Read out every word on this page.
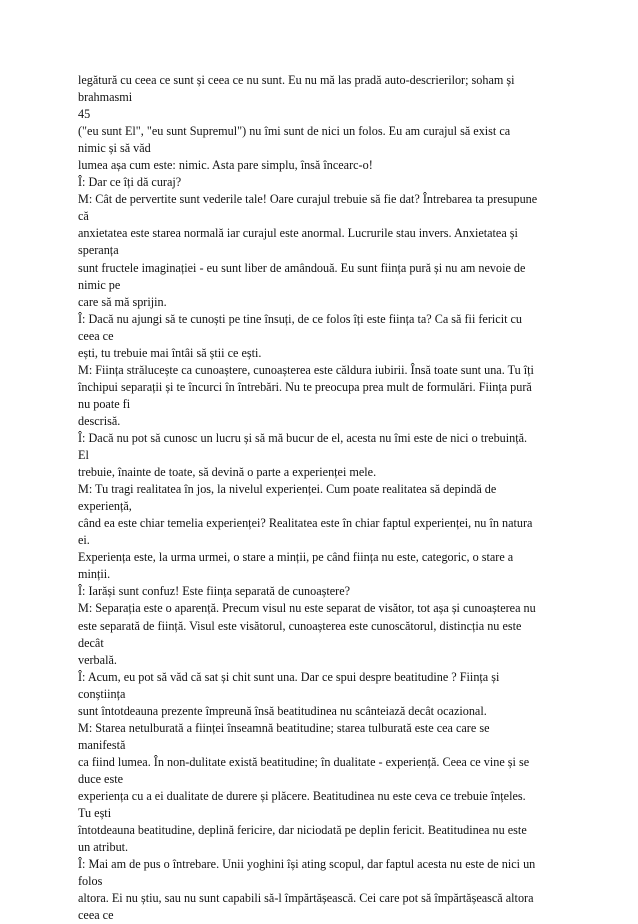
legătură cu ceea ce sunt și ceea ce nu sunt. Eu nu mă las pradă auto-descrierilor; soham și
brahmasmi
45
("eu sunt El", "eu sunt Supremul") nu îmi sunt de nici un folos. Eu am curajul să exist ca
nimic și să văd
lumea așa cum este: nimic. Asta pare simplu, însă încearc-o!
Î: Dar ce îți dă curaj?
M: Cât de pervertite sunt vederile tale! Oare curajul trebuie să fie dat? Întrebarea ta presupune
că
anxietatea este starea normală iar curajul este anormal. Lucrurile stau invers. Anxietatea și
speranța
sunt fructele imaginației - eu sunt liber de amândouă. Eu sunt ființa pură și nu am nevoie de
nimic pe
care să mă sprijin.
Î: Dacă nu ajungi să te cunoști pe tine însuți, de ce folos îți este ființa ta? Ca să fii fericit cu
ceea ce
ești, tu trebuie mai întâi să știi ce ești.
M: Ființa strălucește ca cunoaștere, cunoașterea este căldura iubirii. Însă toate sunt una. Tu îți
închipui separații și te încurci în întrebări. Nu te preocupa prea mult de formulări. Ființa pură
nu poate fi
descrisă.
Î: Dacă nu pot să cunosc un lucru și să mă bucur de el, acesta nu îmi este de nici o trebuință.
El
trebuie, înainte de toate, să devină o parte a experienței mele.
M: Tu tragi realitatea în jos, la nivelul experienței. Cum poate realitatea să depindă de
experiență,
când ea este chiar temelia experienței? Realitatea este în chiar faptul experienței, nu în natura
ei.
Experiența este, la urma urmei, o stare a minții, pe când ființa nu este, categoric, o stare a
minții.
Î: Iarăși sunt confuz! Este ființa separată de cunoaștere?
M: Separația este o aparență. Precum visul nu este separat de visător, tot așa și cunoașterea nu
este separată de ființă. Visul este visătorul, cunoașterea este cunoscătorul, distincția nu este
decât
verbală.
Î: Acum, eu pot să văd că sat și chit sunt una. Dar ce spui despre beatitudine ? Ființa și
conștiința
sunt întotdeauna prezente împreună însă beatitudinea nu scânteiază decât ocazional.
M: Starea netulburată a ființei înseamnă beatitudine; starea tulburată este cea care se
manifestă
ca fiind lumea. În non-dulitate există beatitudine; în dualitate - experiență. Ceea ce vine și se
duce este
experiența cu a ei dualitate de durere și plăcere. Beatitudinea nu este ceva ce trebuie înțeles.
Tu ești
întotdeauna beatitudine, deplină fericire, dar niciodată pe deplin fericit. Beatitudinea nu este
un atribut.
Î: Mai am de pus o întrebare. Unii yoghini își ating scopul, dar faptul acesta nu este de nici un
folos
altora. Ei nu știu, sau nu sunt capabili să-l împărtășească. Cei care pot să împărtășească altora
ceea ce
